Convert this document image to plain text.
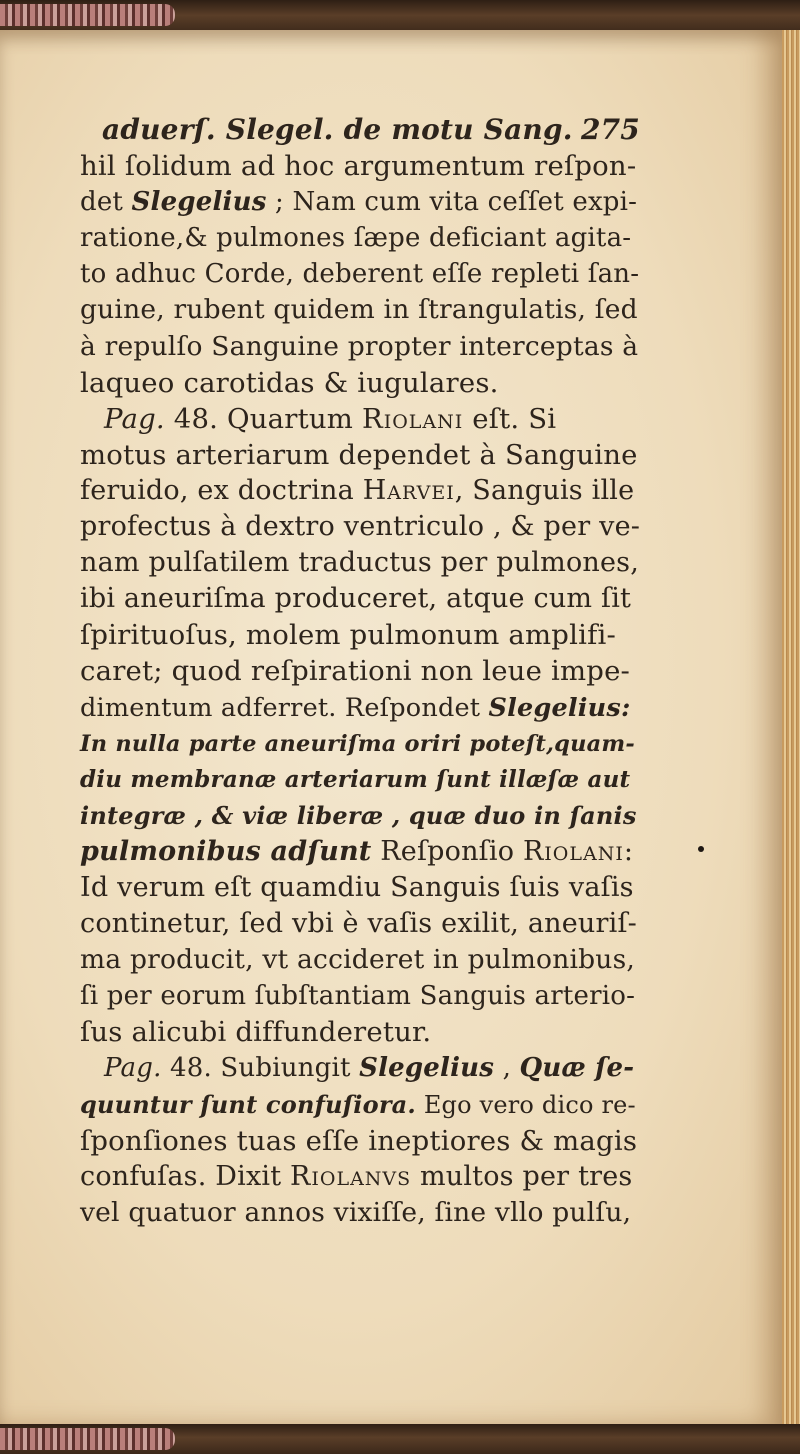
aduerſ. Slegel. de motu Sang. 275
hil ſolidum ad hoc argumentum reſpon-
det Slegelius ; Nam cum vita ceſſet expi-
ratione,& pulmones ſæpe deficiant agita-
to adhuc Corde, deberent eſſe repleti ſan-
guine, rubent quidem in ſtrangulatis, ſed
à repulſo Sanguine propter interceptas à
laqueo carotidas & iugulares.
Pag. 48. Quartum Riolani eſt. Si
motus arteriarum dependet à Sanguine
feruido, ex doctrina Harvei, Sanguis ille
profectus à dextro ventriculo , & per ve-
nam pulſatilem traductus per pulmones,
ibi aneuriſma produceret, atque cum ſit
ſpirituoſus, molem pulmonum amplifi-
caret; quod reſpirationi non leue impe-
dimentum adferret. Reſpondet Slegelius:
In nulla parte aneuriſma oriri poteſt,quam-
diu membranæ arteriarum ſunt illæſæ aut
integræ , & viæ liberæ , quæ duo in ſanis
pulmonibus adſunt Reſponſio Riolani:
Id verum eſt quamdiu Sanguis ſuis vaſis
continetur, ſed vbi è vaſis exilit, aneuriſ-
ma producit, vt accideret in pulmonibus,
ſi per eorum ſubſtantiam Sanguis arterio-
ſus alicubi diffunderetur.
Pag. 48. Subiungit Slegelius , Quæ ſe-
quuntur ſunt confuſiora. Ego vero dico re-
ſponſiones tuas eſſe ineptiores & magis
confuſas. Dixit Riolanvs multos per tres
vel quatuor annos vixiſſe, ſine vllo pulſu,
